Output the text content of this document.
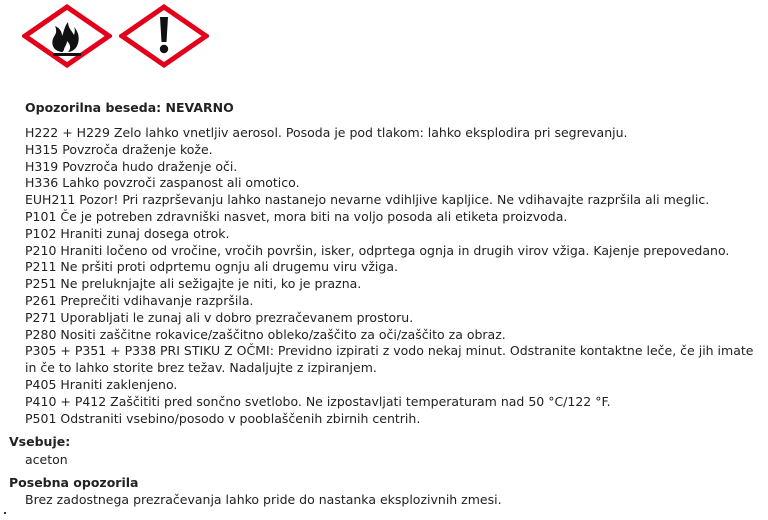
Opozorilna beseda: NEVARNO

H222 + H229 Zelo lahko vnetljiv aerosol. Posoda je pod tlakom: lahko eksplodira pri segrevanju.
H315 Povzroča draženje kože.
H319 Povzroča hudo draženje oči.
H336 Lahko povzroči zaspanost ali omotico.
EUH211 Pozor! Pri razprševanju lahko nastanejo nevarne vdihljive kapljice. Ne vdihavajte razpršila ali meglic.
P101 Če je potreben zdravniški nasvet, mora biti na voljo posoda ali etiketa proizvoda.
P102 Hraniti zunaj dosega otrok.
P210 Hraniti ločeno od vročine, vročih površin, isker, odprtega ognja in drugih virov vžiga. Kajenje prepovedano.
P211 Ne pršiti proti odprtemu ognju ali drugemu viru vžiga.
P251 Ne preluknjajte ali sežigajte je niti, ko je prazna.
P261 Preprečiti vdihavanje razpršila.
P271 Uporabljati le zunaj ali v dobro prezračevanem prostoru.
P280 Nositi zaščitne rokavice/zaščitno obleko/zaščito za oči/zaščito za obraz.
P305 + P351 + P338 PRI STIKU Z OČMI: Previdno izpirati z vodo nekaj minut. Odstranite kontaktne leče, če jih imate in če to lahko storite brez težav. Nadaljujte z izpiranjem.
P405 Hraniti zaklenjeno.
P410 + P412 Zaščititi pred sončno svetlobo. Ne izpostavljati temperaturam nad 50 °C/122 °F.
P501 Odstraniti vsebino/posodo v pooblaščenih zbirnih centrih.

Vsebuje:

aceton

Posebna opozorila

Brez zadostnega prezračevanja lahko pride do nastanka eksplozivnih zmesi.
